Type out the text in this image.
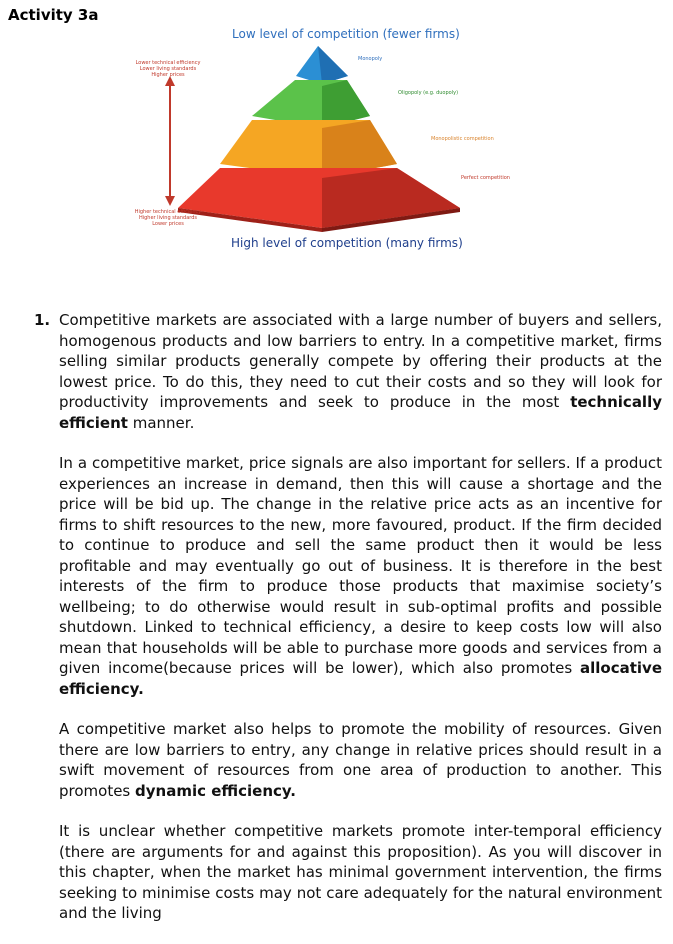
Activity 3a
Low level of competition (fewer firms)
Lower technical efficiency
Lower living standards
Higher prices
Higher technical efficiency
Higher living standards
Lower prices
Monopoly
Oligopoly (e.g. duopoly)
Monopolistic competition
Perfect competition
High level of competition (many firms)
1. Competitive markets are associated with a large number of buyers and sellers, homogenous products and low barriers to entry. In a competitive market, firms selling similar products generally compete by offering their products at the lowest price. To do this, they need to cut their costs and so they will look for productivity improvements and seek to produce in the most technically efficient manner.

In a competitive market, price signals are also important for sellers. If a product experiences an increase in demand, then this will cause a shortage and the price will be bid up. The change in the relative price acts as an incentive for firms to shift resources to the new, more favoured, product. If the firm decided to continue to produce and sell the same product then it would be less profitable and may eventually go out of business. It is therefore in the best interests of the firm to produce those products that maximise society’s wellbeing; to do otherwise would result in sub-optimal profits and possible shutdown. Linked to technical efficiency, a desire to keep costs low will also mean that households will be able to purchase more goods and services from a given income(because prices will be lower), which also promotes allocative efficiency.

A competitive market also helps to promote the mobility of resources. Given there are low barriers to entry, any change in relative prices should result in a swift movement of resources from one area of production to another. This promotes dynamic efficiency.

It is unclear whether competitive markets promote inter-temporal efficiency (there are arguments for and against this proposition). As you will discover in this chapter, when the market has minimal government intervention, the firms seeking to minimise costs may not care adequately for the natural environment and the living
